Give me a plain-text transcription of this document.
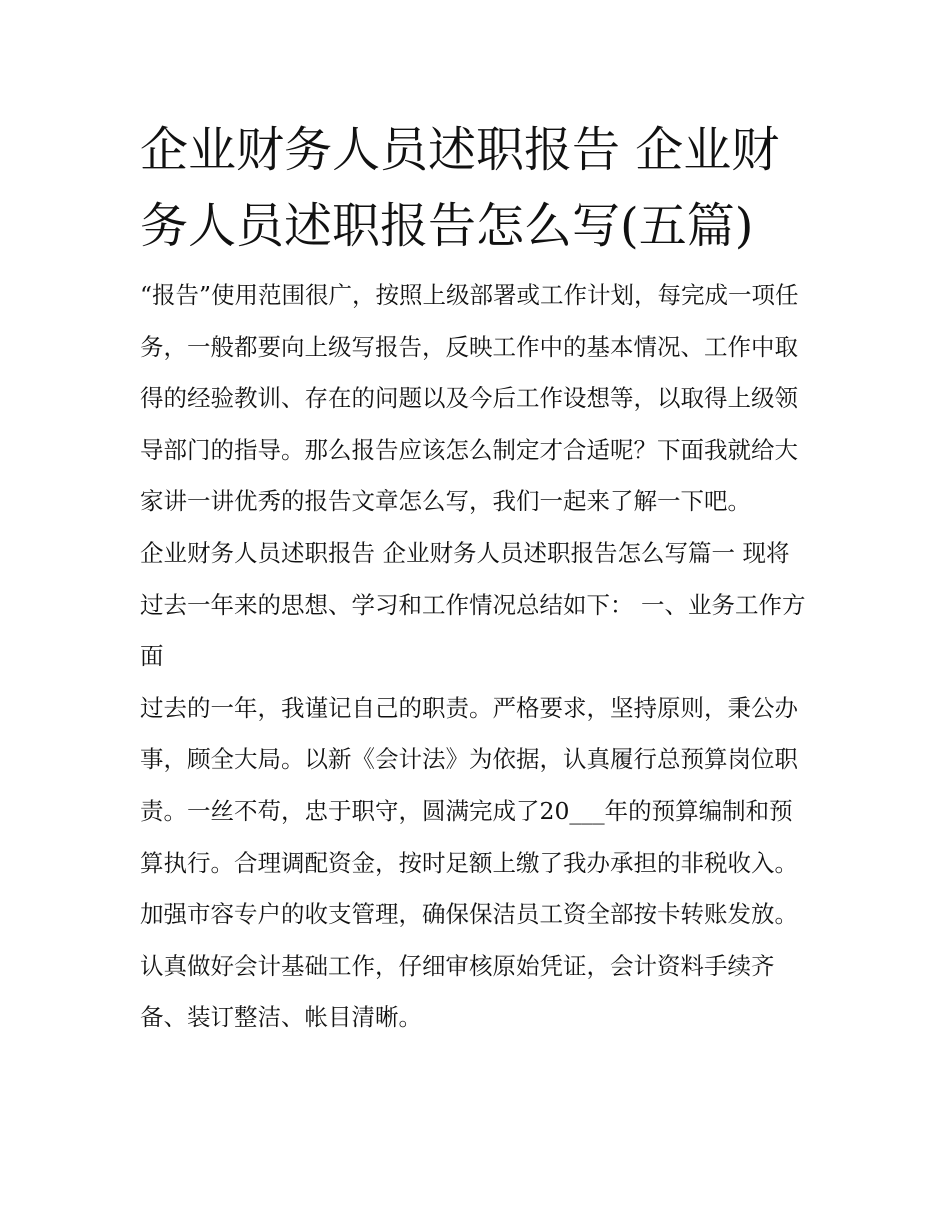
企业财务人员述职报告 企业财务人员述职报告怎么写(五篇)

“报告”使用范围很广，按照上级部署或工作计划，每完成一项任务，一般都要向上级写报告，反映工作中的基本情况、工作中取得的经验教训、存在的问题以及今后工作设想等，以取得上级领导部门的指导。那么报告应该怎么制定才合适呢？下面我就给大家讲一讲优秀的报告文章怎么写，我们一起来了解一下吧。

企业财务人员述职报告 企业财务人员述职报告怎么写篇一 现将过去一年来的思想、学习和工作情况总结如下： 一、业务工作方面

过去的一年，我谨记自己的职责。严格要求，坚持原则，秉公办事，顾全大局。以新《会计法》为依据，认真履行总预算岗位职责。一丝不苟，忠于职守，圆满完成了20___年的预算编制和预算执行。合理调配资金，按时足额上缴了我办承担的非税收入。加强市容专户的收支管理，确保保洁员工资全部按卡转账发放。认真做好会计基础工作，仔细审核原始凭证，会计资料手续齐备、装订整洁、帐目清晰。
